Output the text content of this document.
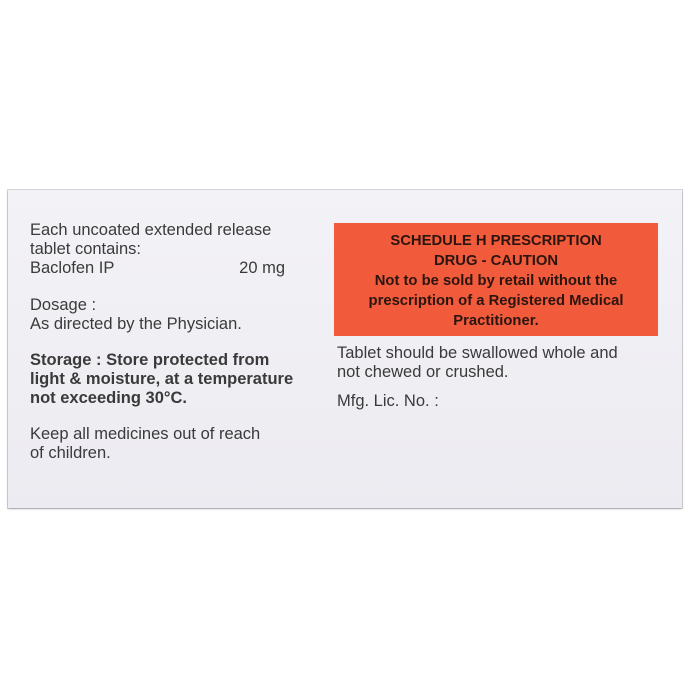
Each uncoated extended release

tablet contains:

Baclofen IP	20 mg

Dosage :

As directed by the Physician.

Storage : Store protected from

light & moisture, at a temperature

not exceeding 30°C.

Keep all medicines out of reach

of children.

SCHEDULE H PRESCRIPTION
DRUG - CAUTION
Not to be sold by retail without the
prescription of a Registered Medical
Practitioner.

Tablet should be swallowed whole and

not chewed or crushed.

Mfg. Lic. No. :
